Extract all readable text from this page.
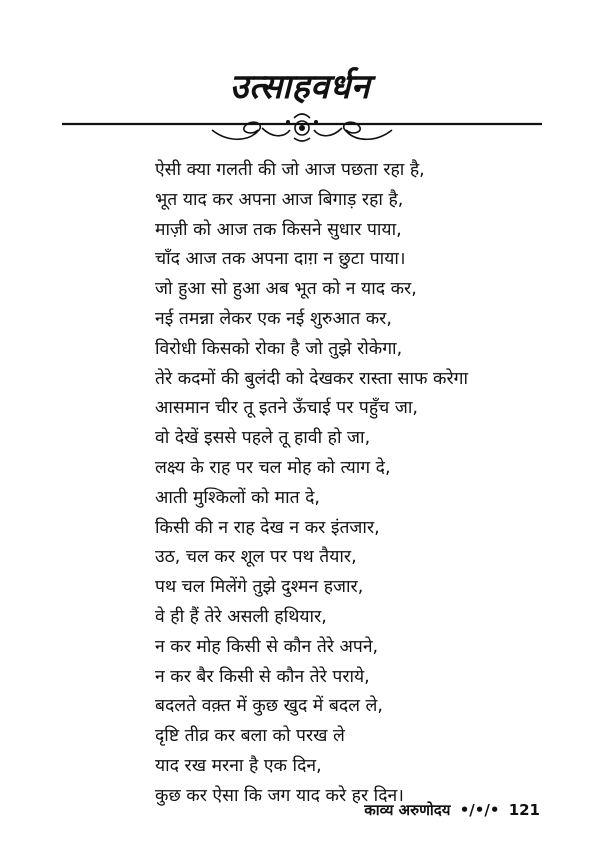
उत्साहवर्धन
ऐसी क्या गलती की जो आज पछता रहा है,
भूत याद कर अपना आज बिगाड़ रहा है,
माज़ी को आज तक किसने सुधार पाया,
चाँद आज तक अपना दाग़ न छुटा पाया।
जो हुआ सो हुआ अब भूत को न याद कर,
नई तमन्ना लेकर एक नई शुरुआत कर,
विरोधी किसको रोका है जो तुझे रोकेगा,
तेरे कदमों की बुलंदी को देखकर रास्ता साफ करेगा
आसमान चीर तू इतने ऊँचाई पर पहुँच जा,
वो देखें इससे पहले तू हावी हो जा,
लक्ष्य के राह पर चल मोह को त्याग दे,
आती मुश्किलों को मात दे,
किसी की न राह देख न कर इंतजार,
उठ, चल कर शूल पर पथ तैयार,
पथ चल मिलेंगे तुझे दुश्मन हजार,
वे ही हैं तेरे असली हथियार,
न कर मोह किसी से कौन तेरे अपने,
न कर बैर किसी से कौन तेरे पराये,
बदलते वक़्त में कुछ खुद में बदल ले,
दृष्टि तीव्र कर बला को परख ले
याद रख मरना है एक दिन,
कुछ कर ऐसा कि जग याद करे हर दिन।
काव्य अरुणोदय •/•/• 121
